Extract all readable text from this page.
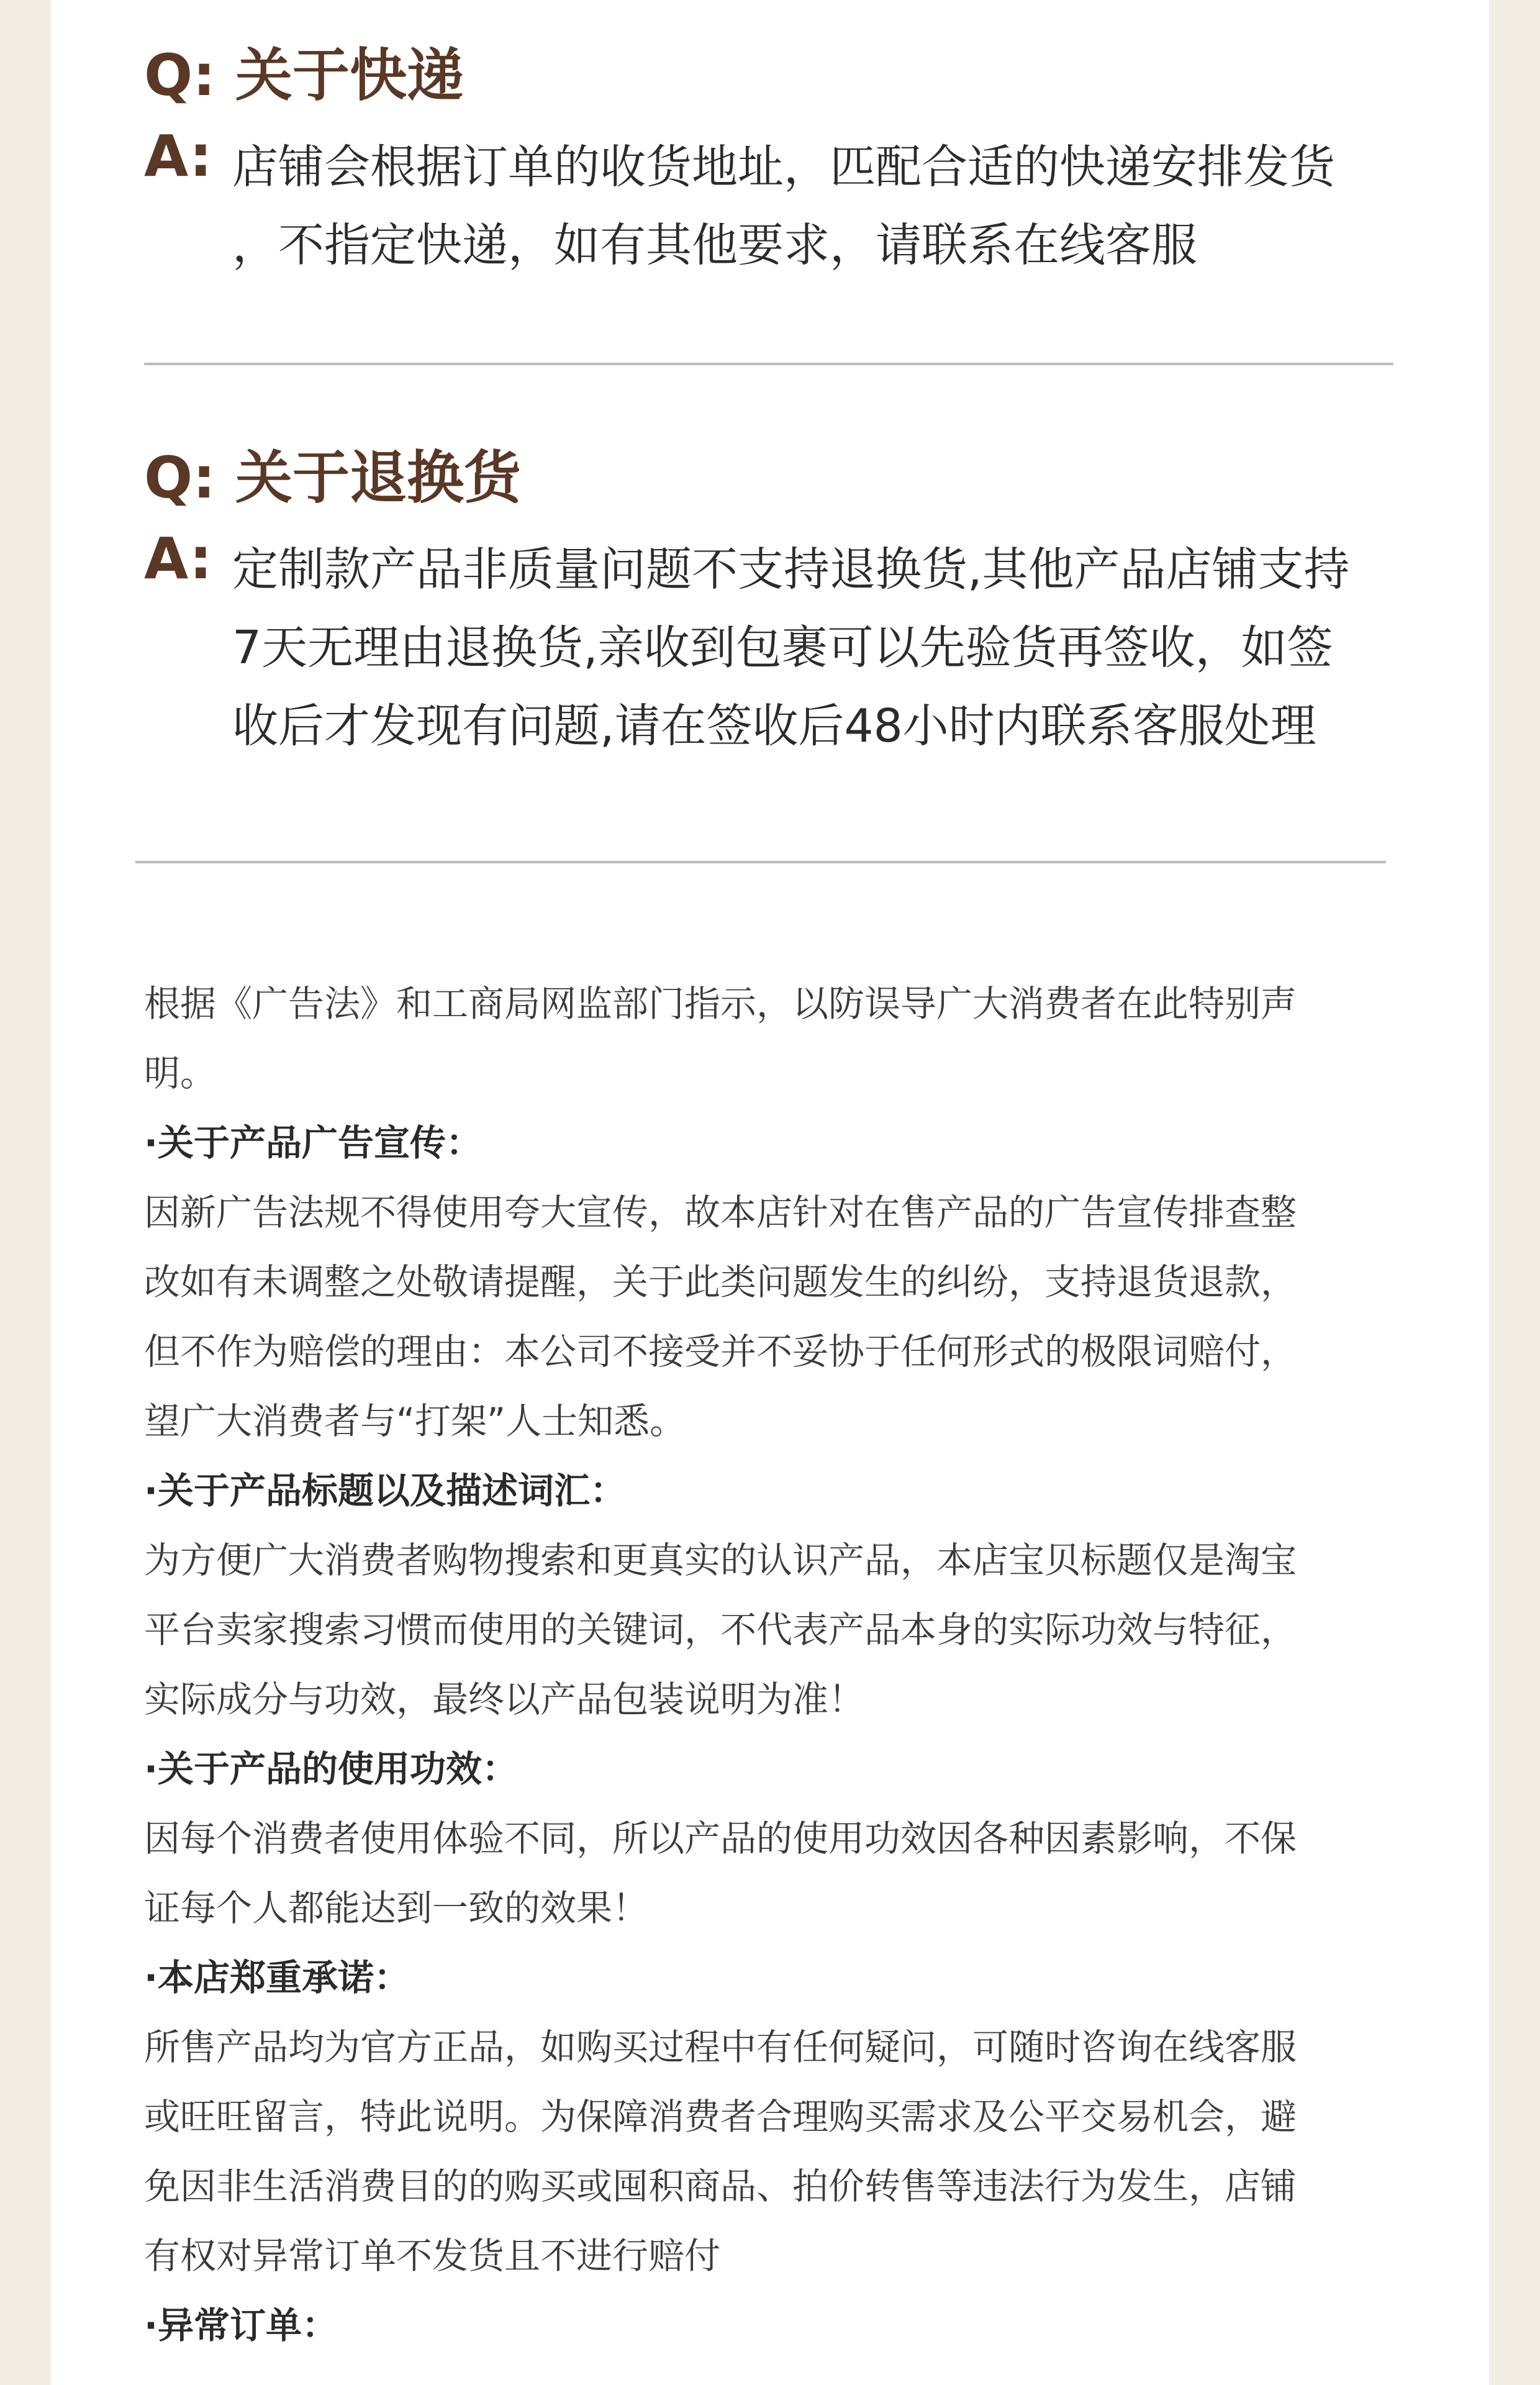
Q: 关于快递
A: 店铺会根据订单的收货地址，匹配合适的快递安排发货
，不指定快递，如有其他要求，请联系在线客服
Q: 关于退换货
A: 定制款产品非质量问题不支持退换货,其他产品店铺支持
7天无理由退换货,亲收到包裹可以先验货再签收，如签
收后才发现有问题,请在签收后48小时内联系客服处理
根据《广告法》和工商局网监部门指示，以防误导广大消费者在此特别声
明。
·关于产品广告宣传：
因新广告法规不得使用夸大宣传，故本店针对在售产品的广告宣传排查整
改如有未调整之处敬请提醒，关于此类问题发生的纠纷，支持退货退款，
但不作为赔偿的理由：本公司不接受并不妥协于任何形式的极限词赔付，
望广大消费者与“打架”人士知悉。
·关于产品标题以及描述词汇：
为方便广大消费者购物搜索和更真实的认识产品，本店宝贝标题仅是淘宝
平台卖家搜索习惯而使用的关键词，不代表产品本身的实际功效与特征，
实际成分与功效，最终以产品包装说明为准！
·关于产品的使用功效：
因每个消费者使用体验不同，所以产品的使用功效因各种因素影响，不保
证每个人都能达到一致的效果！
·本店郑重承诺：
所售产品均为官方正品，如购买过程中有任何疑问，可随时咨询在线客服
或旺旺留言，特此说明。为保障消费者合理购买需求及公平交易机会，避
免因非生活消费目的的购买或囤积商品、拍价转售等违法行为发生，店铺
有权对异常订单不发货且不进行赔付
·异常订单：
